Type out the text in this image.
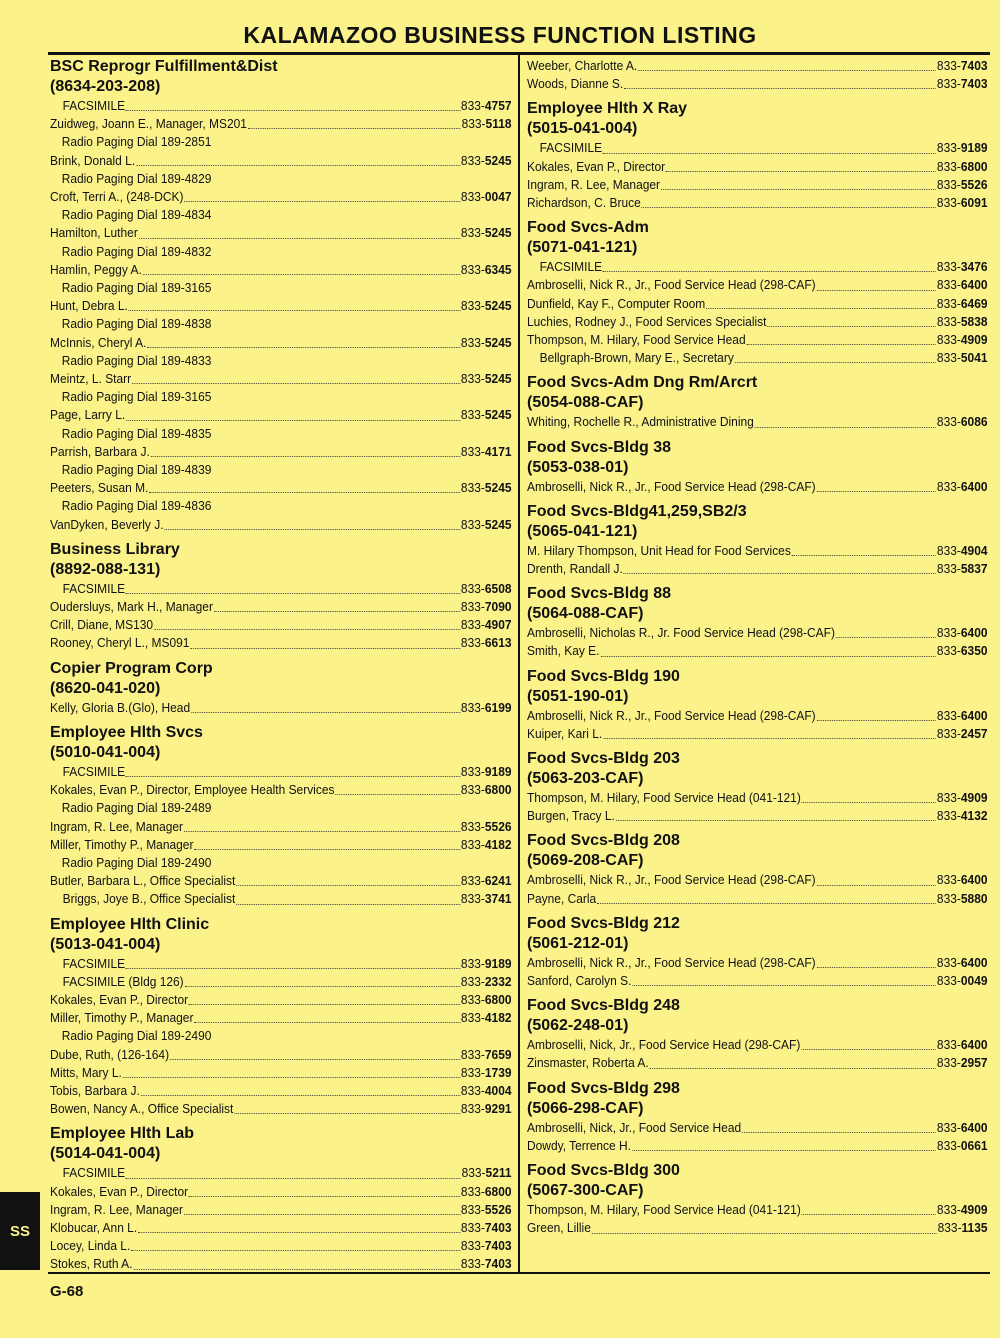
KALAMAZOO BUSINESS FUNCTION LISTING
BSC Reprogr Fulfillment&Dist
(8634-203-208)
FACSIMILE	833-4757
Zuidweg, Joann E., Manager, MS201	833-5118
Radio Paging Dial 189-2851
Brink, Donald L.	833-5245
Radio Paging Dial 189-4829
Croft, Terri A., (248-DCK)	833-0047
Radio Paging Dial 189-4834
Hamilton, Luther	833-5245
Radio Paging Dial 189-4832
Hamlin, Peggy A.	833-6345
Radio Paging Dial 189-3165
Hunt, Debra L.	833-5245
Radio Paging Dial 189-4838
McInnis, Cheryl A.	833-5245
Radio Paging Dial 189-4833
Meintz, L. Starr	833-5245
Radio Paging Dial 189-3165
Page, Larry L.	833-5245
Radio Paging Dial 189-4835
Parrish, Barbara J.	833-4171
Radio Paging Dial 189-4839
Peeters, Susan M.	833-5245
Radio Paging Dial 189-4836
VanDyken, Beverly J.	833-5245
Business Library
(8892-088-131)
FACSIMILE	833-6508
Oudersluys, Mark H., Manager	833-7090
Crill, Diane, MS130	833-4907
Rooney, Cheryl L., MS091	833-6613
Copier Program Corp
(8620-041-020)
Kelly, Gloria B.(Glo), Head	833-6199
Employee Hlth Svcs
(5010-041-004)
FACSIMILE	833-9189
Kokales, Evan P., Director, Employee Health Services	833-6800
Radio Paging Dial 189-2489
Ingram, R. Lee, Manager	833-5526
Miller, Timothy P., Manager	833-4182
Radio Paging Dial 189-2490
Butler, Barbara L., Office Specialist	833-6241
Briggs, Joye B., Office Specialist	833-3741
Employee Hlth Clinic
(5013-041-004)
FACSIMILE	833-9189
FACSIMILE (Bldg 126)	833-2332
Kokales, Evan P., Director	833-6800
Miller, Timothy P., Manager	833-4182
Radio Paging Dial 189-2490
Dube, Ruth, (126-164)	833-7659
Mitts, Mary L.	833-1739
Tobis, Barbara J.	833-4004
Bowen, Nancy A., Office Specialist	833-9291
Employee Hlth Lab
(5014-041-004)
FACSIMILE	833-5211
Kokales, Evan P., Director	833-6800
Ingram, R. Lee, Manager	833-5526
Klobucar, Ann L.	833-7403
Locey, Linda L.	833-7403
Stokes, Ruth A.	833-7403
Weeber, Charlotte A.	833-7403
Woods, Dianne S.	833-7403
Employee Hlth X Ray
(5015-041-004)
FACSIMILE	833-9189
Kokales, Evan P., Director	833-6800
Ingram, R. Lee, Manager	833-5526
Richardson, C. Bruce	833-6091
Food Svcs-Adm
(5071-041-121)
FACSIMILE	833-3476
Ambroselli, Nick R., Jr., Food Service Head (298-CAF)	833-6400
Dunfield, Kay F., Computer Room	833-6469
Luchies, Rodney J., Food Services Specialist	833-5838
Thompson, M. Hilary, Food Service Head	833-4909
Bellgraph-Brown, Mary E., Secretary	833-5041
Food Svcs-Adm Dng Rm/Arcrt
(5054-088-CAF)
Whiting, Rochelle R., Administrative Dining	833-6086
Food Svcs-Bldg 38
(5053-038-01)
Ambroselli, Nick R., Jr., Food Service Head (298-CAF)	833-6400
Food Svcs-Bldg41,259,SB2/3
(5065-041-121)
M. Hilary Thompson, Unit Head for Food Services	833-4904
Drenth, Randall J.	833-5837
Food Svcs-Bldg 88
(5064-088-CAF)
Ambroselli, Nicholas R., Jr. Food Service Head (298-CAF)	833-6400
Smith, Kay E.	833-6350
Food Svcs-Bldg 190
(5051-190-01)
Ambroselli, Nick R., Jr., Food Service Head (298-CAF)	833-6400
Kuiper, Kari L.	833-2457
Food Svcs-Bldg 203
(5063-203-CAF)
Thompson, M. Hilary, Food Service Head (041-121)	833-4909
Burgen, Tracy L.	833-4132
Food Svcs-Bldg 208
(5069-208-CAF)
Ambroselli, Nick R., Jr., Food Service Head (298-CAF)	833-6400
Payne, Carla	833-5880
Food Svcs-Bldg 212
(5061-212-01)
Ambroselli, Nick R., Jr., Food Service Head (298-CAF)	833-6400
Sanford, Carolyn S.	833-0049
Food Svcs-Bldg 248
(5062-248-01)
Ambroselli, Nick, Jr., Food Service Head (298-CAF)	833-6400
Zinsmaster, Roberta A.	833-2957
Food Svcs-Bldg 298
(5066-298-CAF)
Ambroselli, Nick, Jr., Food Service Head	833-6400
Dowdy, Terrence H.	833-0661
Food Svcs-Bldg 300
(5067-300-CAF)
Thompson, M. Hilary, Food Service Head (041-121)	833-4909
Green, Lillie	833-1135
SS
G-68
